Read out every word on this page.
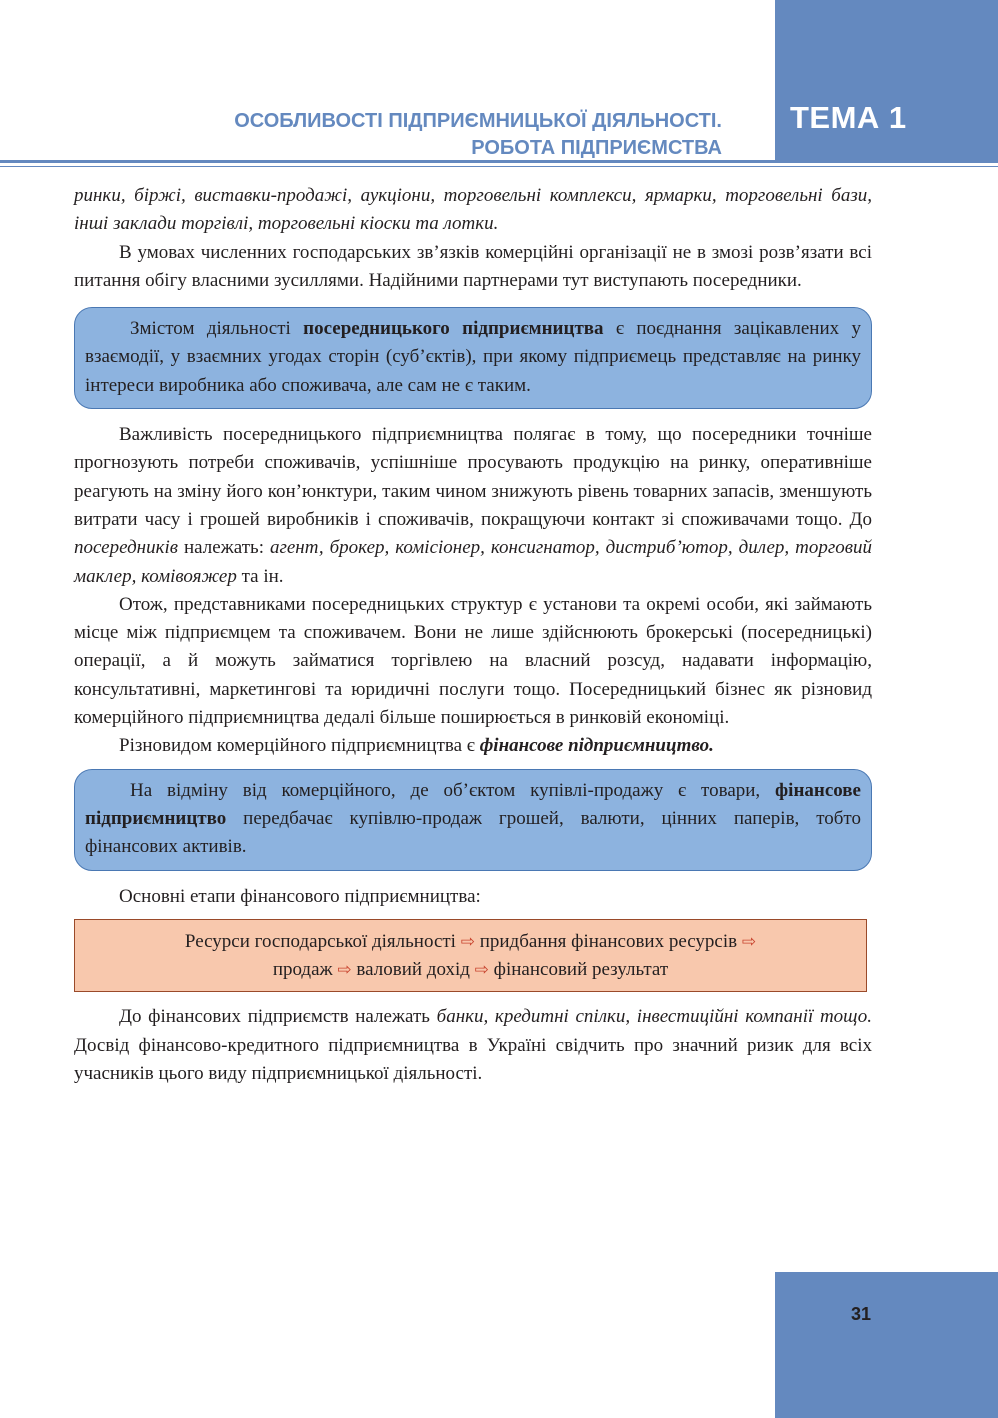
ТЕМА 1
ОСОБЛИВОСТІ ПІДПРИЄМНИЦЬКОЇ ДІЯЛЬНОСТІ.
РОБОТА ПІДПРИЄМСТВА

ринки, біржі, виставки-продажі, аукціони, торговельні комплекси, ярмарки, торговельні бази, інші заклади торгівлі, торговельні кіоски та лотки.

В умовах численних господарських зв’язків комерційні організації не в змозі розв’язати всі питання обігу власними зусиллями. Надійними партнерами тут виступають посередники.

Змістом діяльності посередницького підприємництва є поєднання зацікавлених у взаємодії, у взаємних угодах сторін (суб’єктів), при якому підприємець представляє на ринку інтереси виробника або споживача, але сам не є таким.

Важливість посередницького підприємництва полягає в тому, що посередники точніше прогнозують потреби споживачів, успішніше просувають продукцію на ринку, оперативніше реагують на зміну його кон’юнктури, таким чином знижують рівень товарних запасів, зменшують витрати часу і грошей виробників і споживачів, покращуючи контакт зі споживачами тощо. До посередників належать: агент, брокер, комісіонер, консигнатор, дистриб’ютор, дилер, торговий маклер, комівояжер та ін.

Отож, представниками посередницьких структур є установи та окремі особи, які займають місце між підприємцем та споживачем. Вони не лише здійснюють брокерські (посередницькі) операції, а й можуть займатися торгівлею на власний розсуд, надавати інформацію, консультативні, маркетингові та юридичні послуги тощо. Посередницький бізнес як різновид комерційного підприємництва дедалі більше поширюється в ринковій економіці.

Різновидом комерційного підприємництва є фінансове підприємництво.

На відміну від комерційного, де об’єктом купівлі-продажу є товари, фінансове підприємництво передбачає купівлю-продаж грошей, валюти, цінних паперів, тобто фінансових активів.

Основні етапи фінансового підприємництва:

Ресурси господарської діяльності ⇨ придбання фінансових ресурсів ⇨

продаж ⇨ валовий дохід ⇨ фінансовий результат

До фінансових підприємств належать банки, кредитні спілки, інвестиційні компанії тощо. Досвід фінансово-кредитного підприємництва в Україні свідчить про значний ризик для всіх учасників цього виду підприємницької діяльності.

31
